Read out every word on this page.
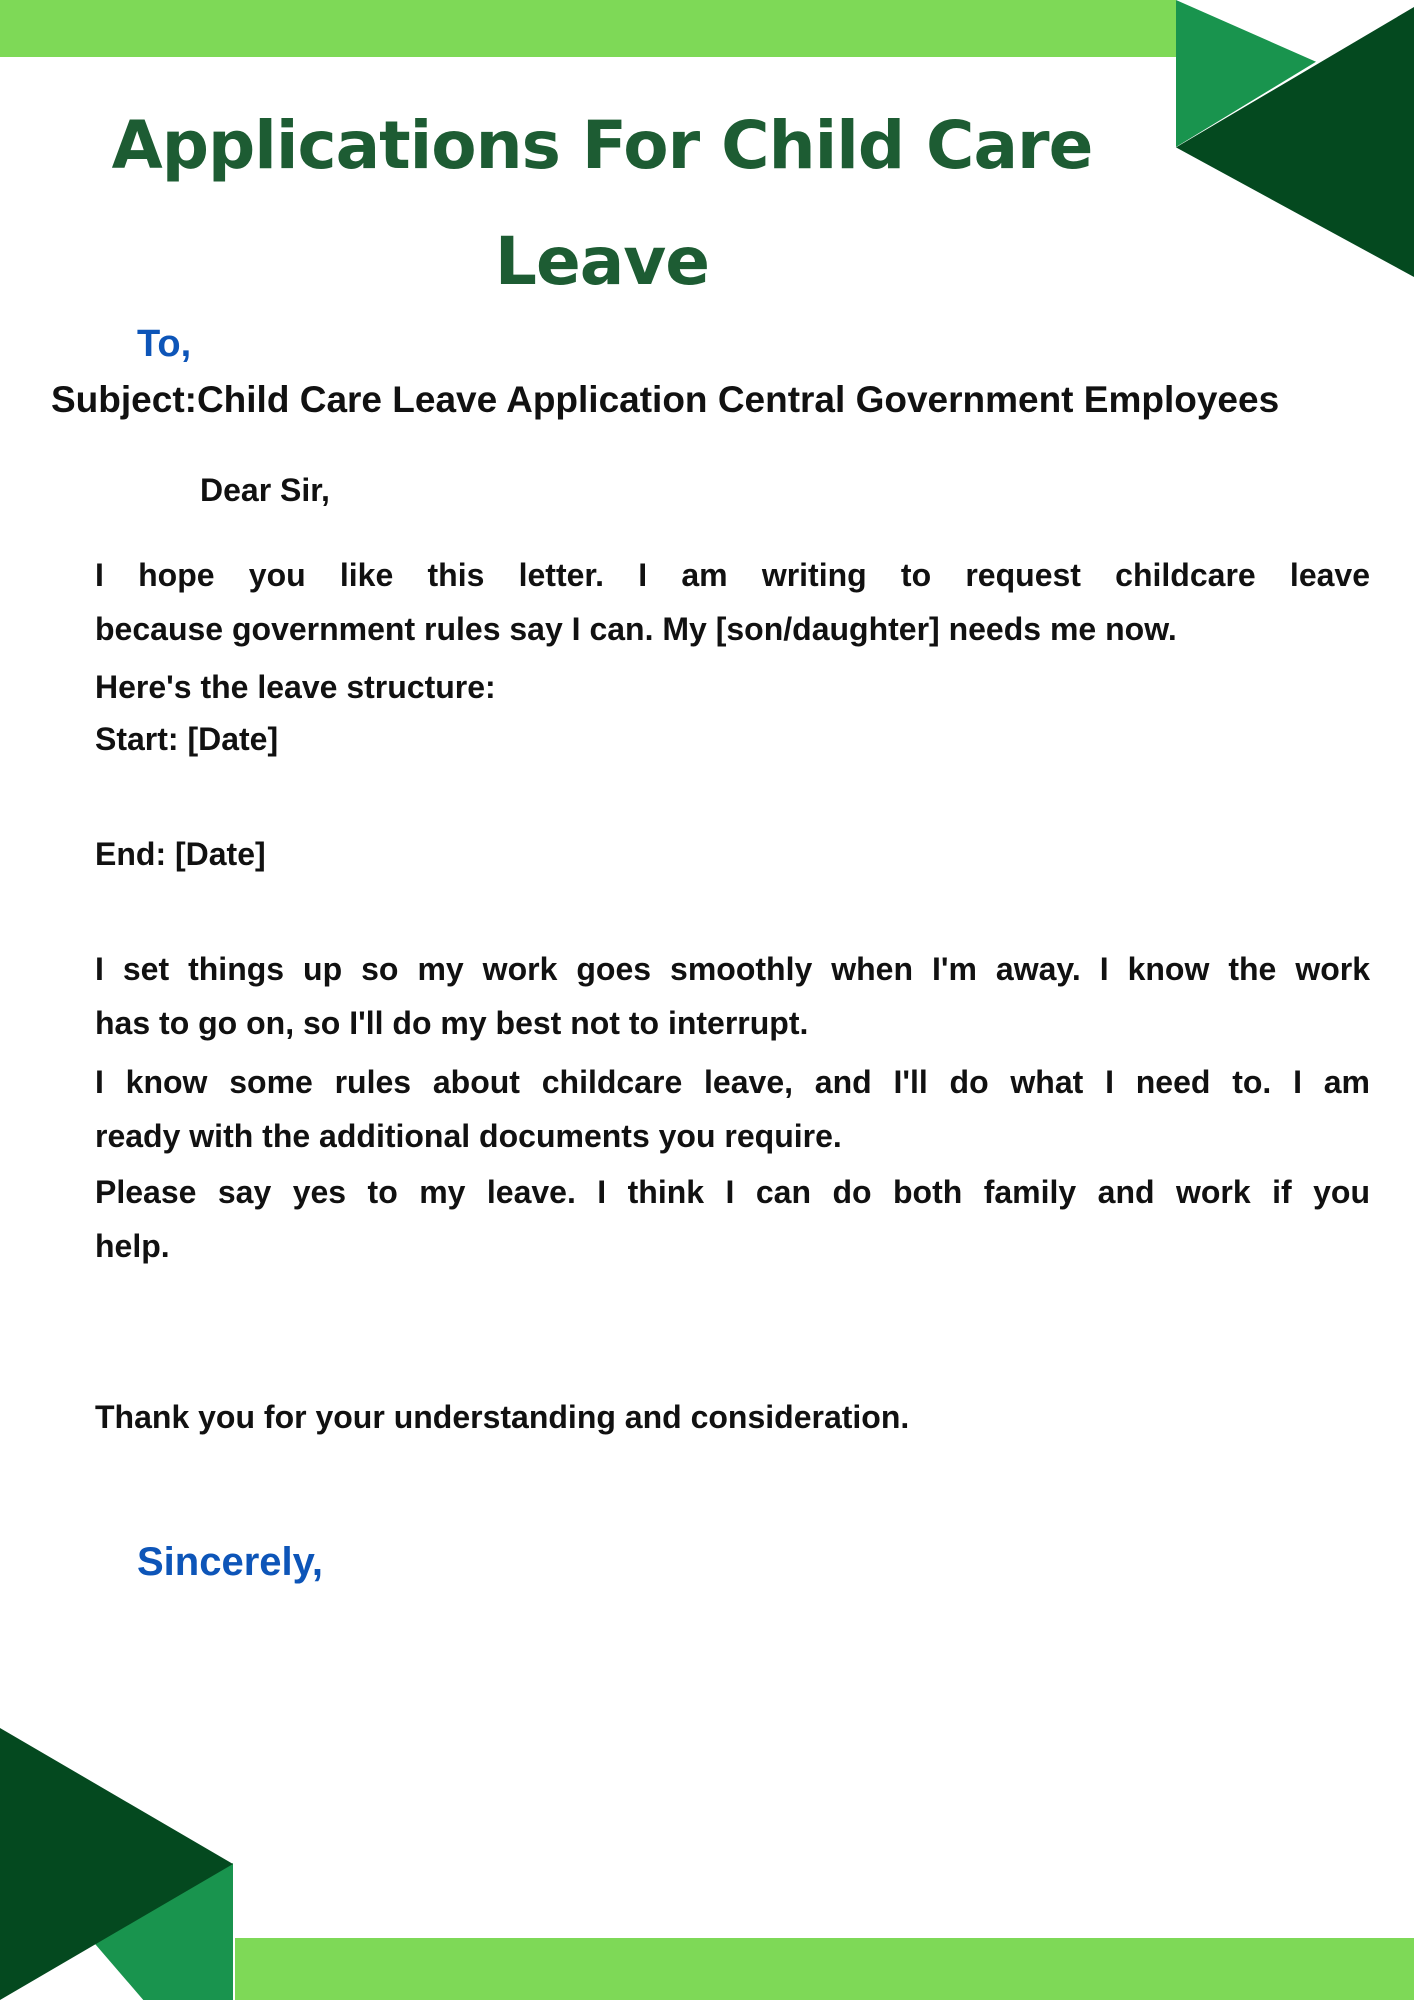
Applications For Child Care
Leave
To,
Subject:Child Care Leave Application Central Government Employees
Dear Sir,
I hope you like this letter. I am writing to request childcare leave
because government rules say I can. My [son/daughter] needs me now.
Here's the leave structure:
Start: [Date]
End: [Date]
I set things up so my work goes smoothly when I'm away. I know the work
has to go on, so I'll do my best not to interrupt.
I know some rules about childcare leave, and I'll do what I need to. I am
ready with the additional documents you require.
Please say yes to my leave. I think I can do both family and work if you
help.
Thank you for your understanding and consideration.
Sincerely,
